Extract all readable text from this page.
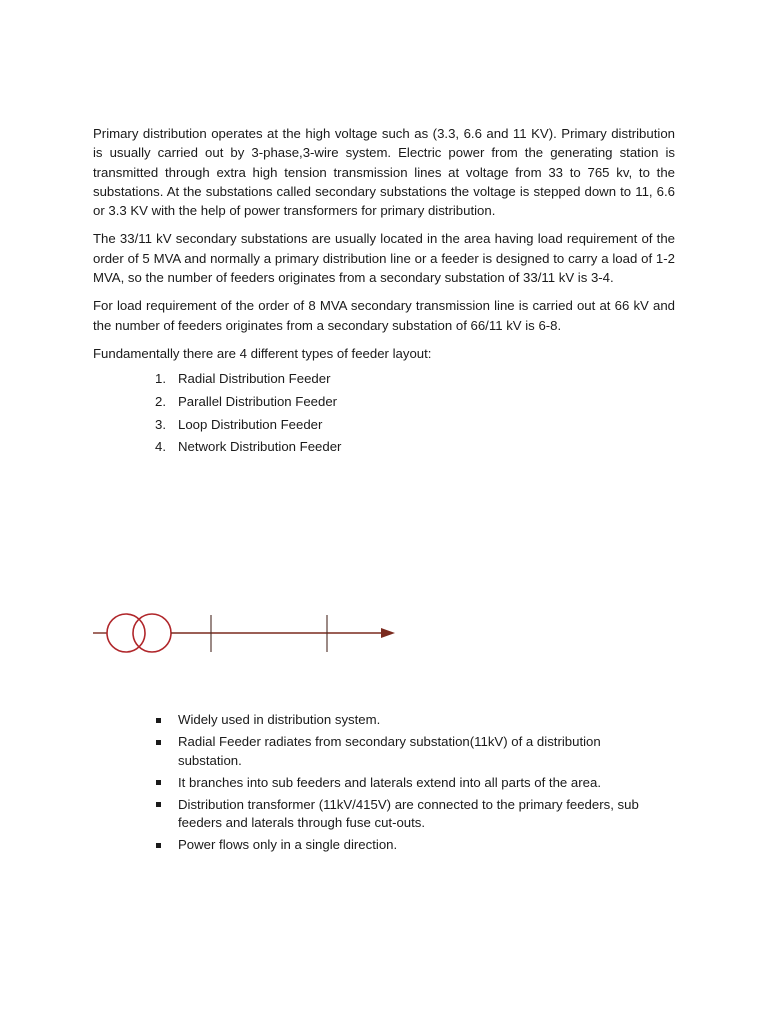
Primary distribution operates at the high voltage such as (3.3, 6.6 and 11 KV). Primary distribution is usually carried out by 3-phase,3-wire system. Electric power from the generating station is transmitted through extra high tension transmission lines at voltage from 33 to 765 kv, to the substations. At the substations called secondary substations the voltage is stepped down to 11, 6.6 or 3.3 KV with the help of power transformers for primary distribution.

The 33/11 kV secondary substations are usually located in the area having load requirement of the order of 5 MVA and normally a primary distribution line or a feeder is designed to carry a load of 1-2 MVA, so the number of feeders originates from a secondary substation of 33/11 kV is 3-4.

For load requirement of the order of 8 MVA secondary transmission line is carried out at 66 kV and the number of feeders originates from a secondary substation of 66/11 kV is 6-8.

Fundamentally there are 4 different types of feeder layout:

1. Radial Distribution Feeder
2. Parallel Distribution Feeder
3. Loop Distribution Feeder
4. Network Distribution Feeder
Widely used in distribution system.
Radial Feeder radiates from secondary substation(11kV) of a distribution substation.
It branches into sub feeders and laterals extend into all parts of the area.
Distribution transformer (11kV/415V) are connected to the primary feeders, sub feeders and laterals through fuse cut-outs.
Power flows only in a single direction.
